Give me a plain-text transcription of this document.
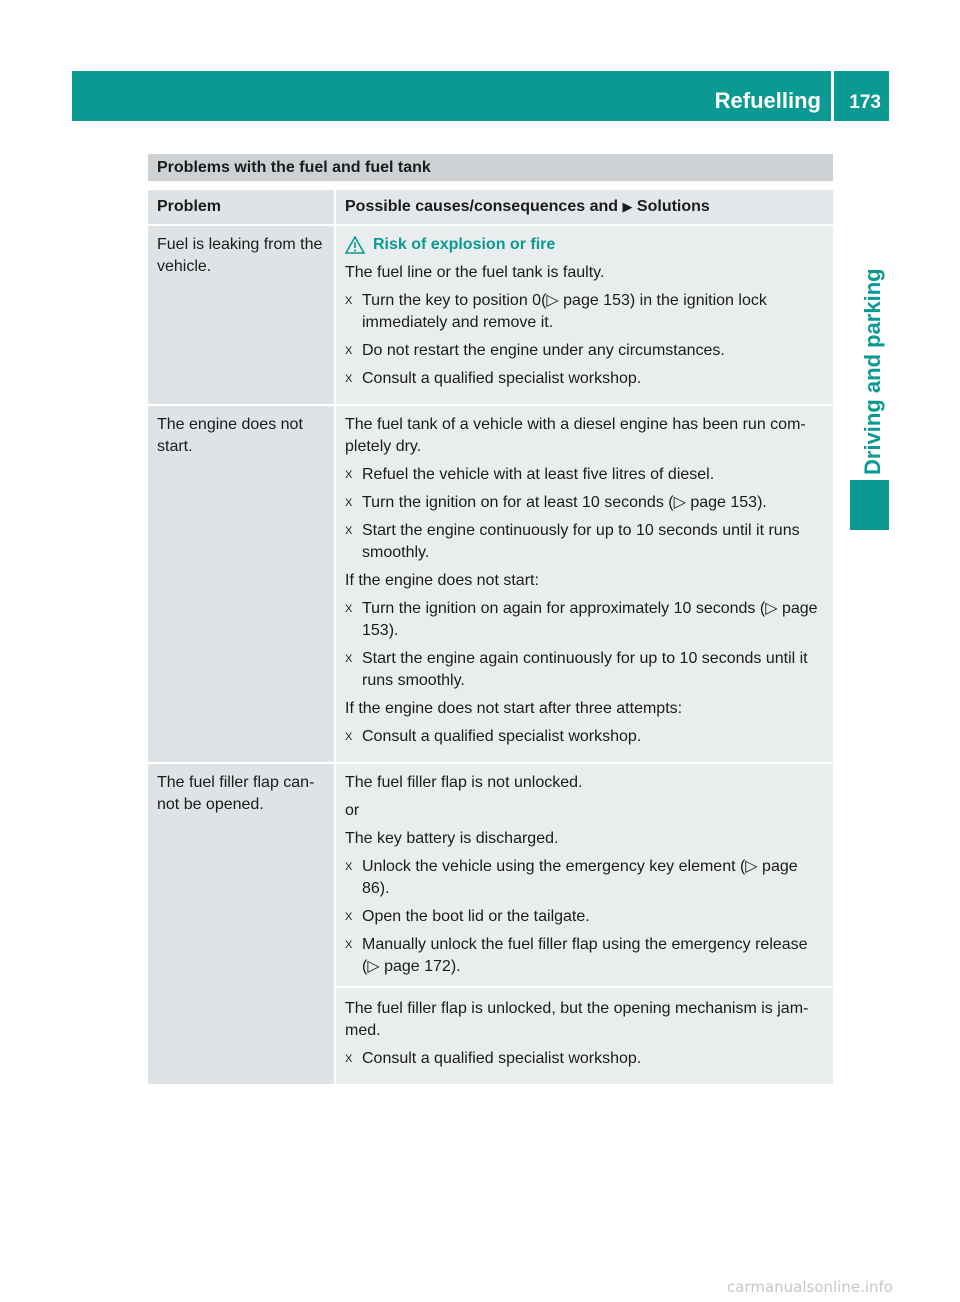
Refuelling 173
Driving and parking
Problems with the fuel and fuel tank
Problem	Possible causes/consequences and ▶ Solutions
Fuel is leaking from the vehicle.
Risk of explosion or fire

The fuel line or the fuel tank is faulty.

X Turn the key to position 0(▷ page 153) in the ignition lock immediately and remove it.
X Do not restart the engine under any circumstances.
X Consult a qualified specialist workshop.
The engine does not start.

The fuel tank of a vehicle with a diesel engine has been run com-pletely dry.

X Refuel the vehicle with at least five litres of diesel.
X Turn the ignition on for at least 10 seconds (▷ page 153).
X Start the engine continuously for up to 10 seconds until it runs smoothly.

If the engine does not start:

X Turn the ignition on again for approximately 10 seconds (▷ page 153).
X Start the engine again continuously for up to 10 seconds until it runs smoothly.

If the engine does not start after three attempts:

X Consult a qualified specialist workshop.
The fuel filler flap can-not be opened.

The fuel filler flap is not unlocked.

or

The key battery is discharged.

X Unlock the vehicle using the emergency key element (▷ page 86).
X Open the boot lid or the tailgate.
X Manually unlock the fuel filler flap using the emergency release (▷ page 172).

The fuel filler flap is unlocked, but the opening mechanism is jam-med.

X Consult a qualified specialist workshop.
carmanualsonline.info
